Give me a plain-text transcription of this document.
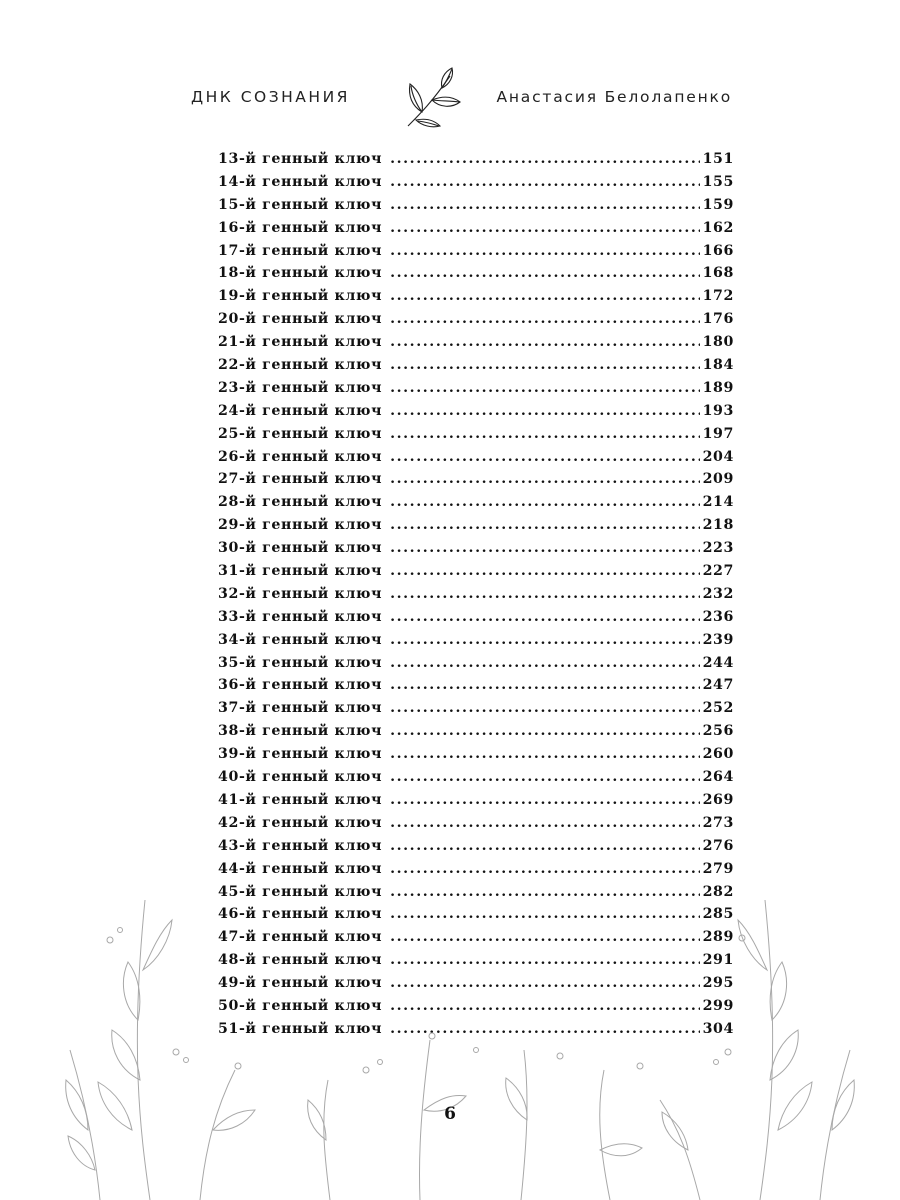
ДНК СОЗНАНИЯ	Анастасия Белолапенко
13-й генный ключ .....	151
14-й генный ключ .....	155
15-й генный ключ .....	159
16-й генный ключ .....	162
17-й генный ключ .....	166
18-й генный ключ .....	168
19-й генный ключ .....	172
20-й генный ключ .....	176
21-й генный ключ .....	180
22-й генный ключ .....	184
23-й генный ключ .....	189
24-й генный ключ .....	193
25-й генный ключ .....	197
26-й генный ключ .....	204
27-й генный ключ .....	209
28-й генный ключ .....	214
29-й генный ключ .....	218
30-й генный ключ .....	223
31-й генный ключ .....	227
32-й генный ключ .....	232
33-й генный ключ .....	236
34-й генный ключ .....	239
35-й генный ключ .....	244
36-й генный ключ .....	247
37-й генный ключ .....	252
38-й генный ключ .....	256
39-й генный ключ .....	260
40-й генный ключ .....	264
41-й генный ключ .....	269
42-й генный ключ .....	273
43-й генный ключ .....	276
44-й генный ключ .....	279
45-й генный ключ .....	282
46-й генный ключ .....	285
47-й генный ключ .....	289
48-й генный ключ .....	291
49-й генный ключ .....	295
50-й генный ключ .....	299
51-й генный ключ .....	304
6
